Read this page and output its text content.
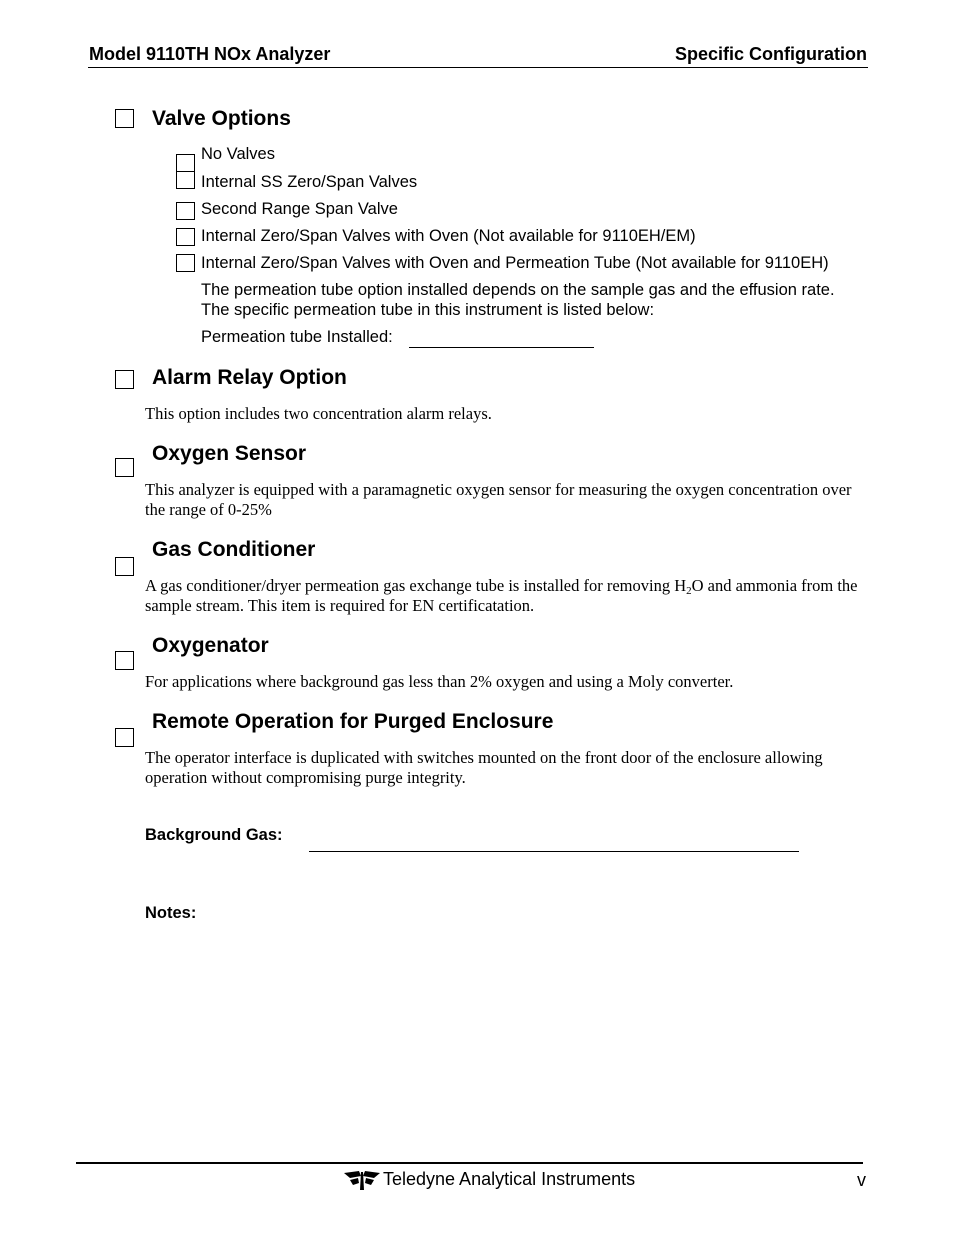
Model 9110TH NOx Analyzer	Specific Configuration
Valve Options
No Valves
Internal SS Zero/Span Valves
Second Range Span Valve
Internal Zero/Span Valves with Oven (Not available for 9110EH/EM)
Internal Zero/Span Valves with Oven and Permeation Tube (Not available for 9110EH)
The permeation tube option installed depends on the sample gas and the effusion rate.
The specific permeation tube in this instrument is listed below:
Permeation tube Installed:
Alarm Relay Option
This option includes two concentration alarm relays.
Oxygen Sensor
This analyzer is equipped with a paramagnetic oxygen sensor for measuring the oxygen concentration over the range of 0-25%
Gas Conditioner
A gas conditioner/dryer permeation gas exchange tube is installed for removing $H_2O$ and ammonia from the sample stream. This item is required for EN certificatation.
Oxygenator
For applications where background gas less than 2% oxygen and using a Moly converter.
Remote Operation for Purged Enclosure
The operator interface is duplicated with switches mounted on the front door of the enclosure allowing operation without compromising purge integrity.
Background Gas:
Notes:
Teledyne Analytical Instruments	v
